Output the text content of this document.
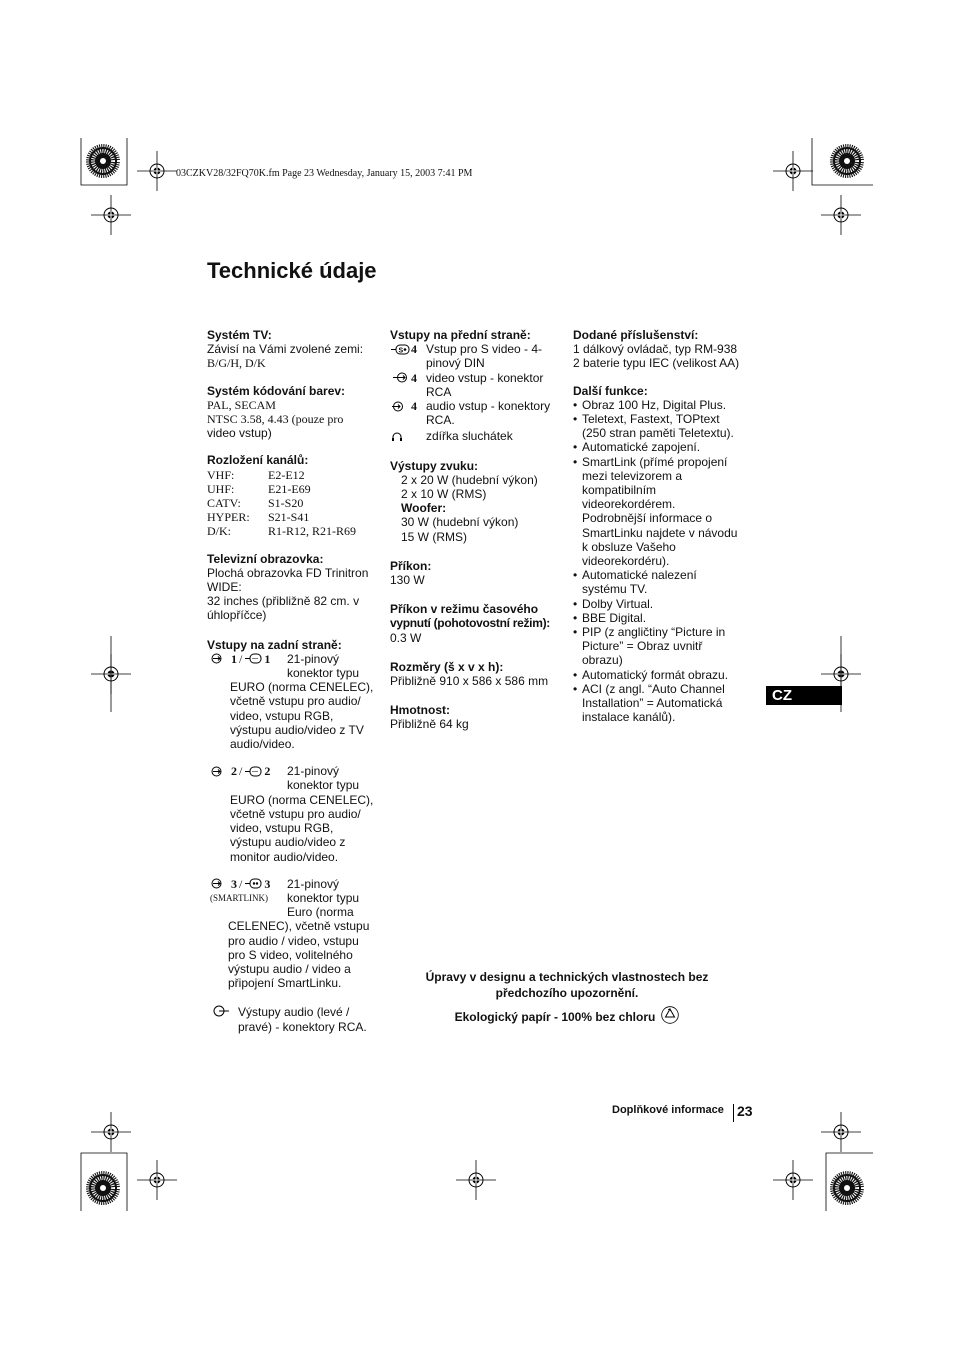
03CZKV28/32FQ70K.fm Page 23 Wednesday, January 15, 2003 7:41 PM
Technické údaje
Systém TV:
Závisí na Vámi zvolené zemi:
B/G/H, D/K
Systém kódování barev:
PAL, SECAM
NTSC 3.58, 4.43 (pouze pro
video vstup)
Rozložení kanálů:
VHF:	E2-E12
UHF:	E21-E69
CATV:	S1-S20
HYPER:	S21-S41
D/K:	R1-R12, R21-R69
Televizní obrazovka:
Plochá obrazovka FD Trinitron
WIDE:
32 inches (přibližně 82 cm. v
úhlopříčce)
Vstupy na zadní straně:
1 / 1 21-pinový
konektor typu
EURO (norma CENELEC),
včetně vstupu pro audio/
video, vstupu RGB,
výstupu audio/video z TV
audio/video.
2 / 2 21-pinový
konektor typu
EURO (norma CENELEC),
včetně vstupu pro audio/
video, vstupu RGB,
výstupu audio/video z
monitor audio/video.
3 / 3
(SMARTLINK)
21-pinový
konektor typu
Euro (norma
CELENEC), včetně vstupu
pro audio / video, vstupu
pro S video, volitelného
výstupu audio / video a
připojení SmartLinku.
Výstupy audio (levé /
pravé) - konektory RCA.
Vstupy na přední straně:
S 4 Vstup pro S video - 4-
pinový DIN
4 video vstup - konektor
RCA
4 audio vstup - konektory
RCA.
zdířka sluchátek
Výstupy zvuku:
2 x 20 W (hudební výkon)
2 x 10 W (RMS)
Woofer:
30 W (hudební výkon)
15 W (RMS)
Příkon:
130 W
Příkon v režimu časového
vypnutí (pohotovostní režim):
0.3 W
Rozměry (š x v x h):
Přibližně 910 x 586 x 586 mm
Hmotnost:
Přibližně 64 kg
Dodané příslušenství:
1 dálkový ovládač, typ RM-938
2 baterie typu IEC (velikost AA)
Další funkce:
• Obraz 100 Hz, Digital Plus.
• Teletext, Fastext, TOPtext
(250 stran paměti Teletextu).
• Automatické zapojení.
• SmartLink (přímé propojení
mezi televizorem a
kompatibilním
videorekordérem.
Podrobnější informace o
SmartLinku najdete v návodu
k obsluze Vašeho
videorekordéru).
• Automatické nalezení
systému TV.
• Dolby Virtual.
• BBE Digital.
• PIP (z angličtiny “Picture in
Picture” = Obraz uvnitř
obrazu)
• Automatický formát obrazu.
• ACI (z angl. “Auto Channel
Installation” = Automatická
instalace kanálů).
CZ
Úpravy v designu a technických vlastnostech bez
předchozího upozornění.
Ekologický papír - 100% bez chloru
Doplňkové informace 23
